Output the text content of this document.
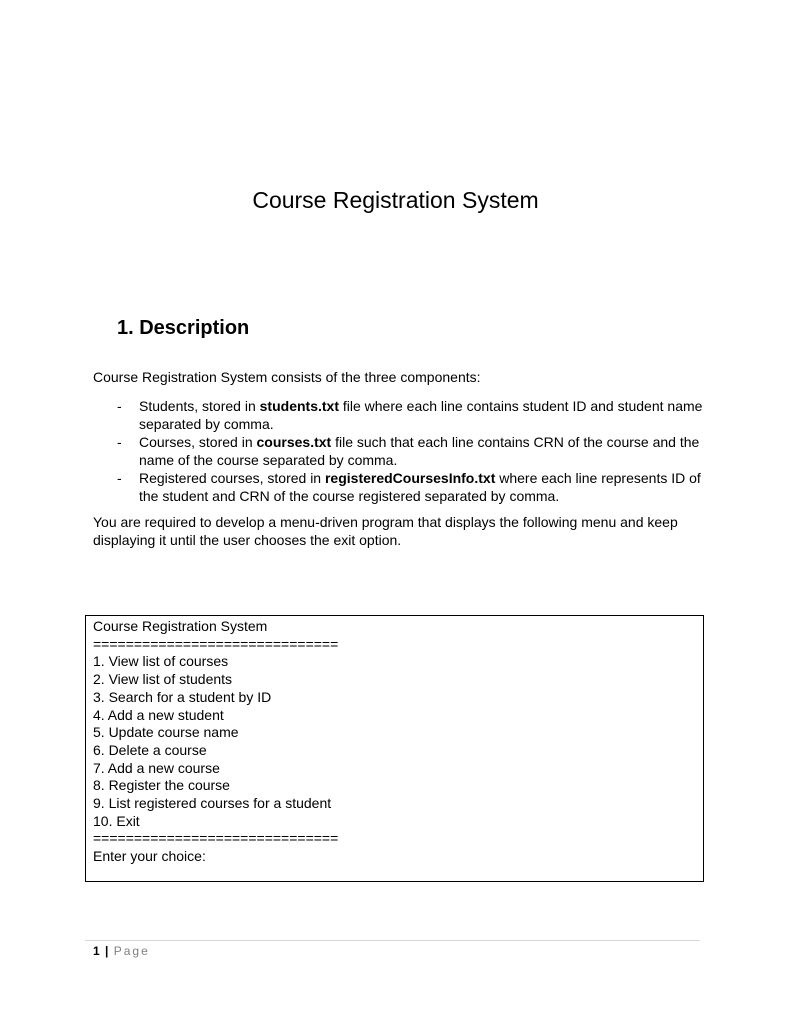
Course Registration System
1. Description
Course Registration System consists of the three components:
- Students, stored in students.txt file where each line contains student ID and student name separated by comma.
- Courses, stored in courses.txt file such that each line contains CRN of the course and the name of the course separated by comma.
- Registered courses, stored in registeredCoursesInfo.txt where each line represents ID of the student and CRN of the course registered separated by comma.
You are required to develop a menu-driven program that displays the following menu and keep displaying it until the user chooses the exit option.
Course Registration System
==============================
1. View list of courses
2. View list of students
3. Search for a student by ID
4. Add a new student
5. Update course name
6. Delete a course
7. Add a new course
8. Register the course
9. List registered courses for a student
10. Exit
==============================
Enter your choice:
1 | Page
